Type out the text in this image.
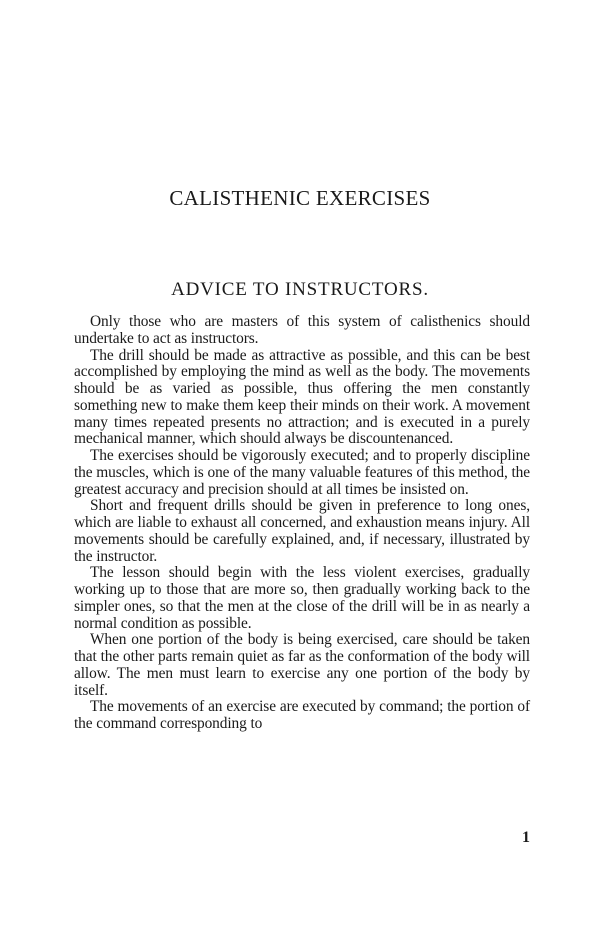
CALISTHENIC EXERCISES
ADVICE TO INSTRUCTORS.

Only those who are masters of this system of calisthenics should undertake to act as instructors.

The drill should be made as attractive as possible, and this can be best accomplished by employing the mind as well as the body. The movements should be as varied as possible, thus offering the men constantly something new to make them keep their minds on their work. A movement many times repeated presents no attraction; and is executed in a purely mechanical manner, which should always be discountenanced.

The exercises should be vigorously executed; and to properly discipline the muscles, which is one of the many valuable features of this method, the greatest accuracy and precision should at all times be insisted on.

Short and frequent drills should be given in preference to long ones, which are liable to exhaust all concerned, and exhaustion means injury. All movements should be carefully explained, and, if necessary, illustrated by the instructor.

The lesson should begin with the less violent exercises, gradually working up to those that are more so, then gradually working back to the simpler ones, so that the men at the close of the drill will be in as nearly a normal condition as possible.

When one portion of the body is being exercised, care should be taken that the other parts remain quiet as far as the conformation of the body will allow. The men must learn to exercise any one portion of the body by itself.

The movements of an exercise are executed by command; the portion of the command corresponding to

1
